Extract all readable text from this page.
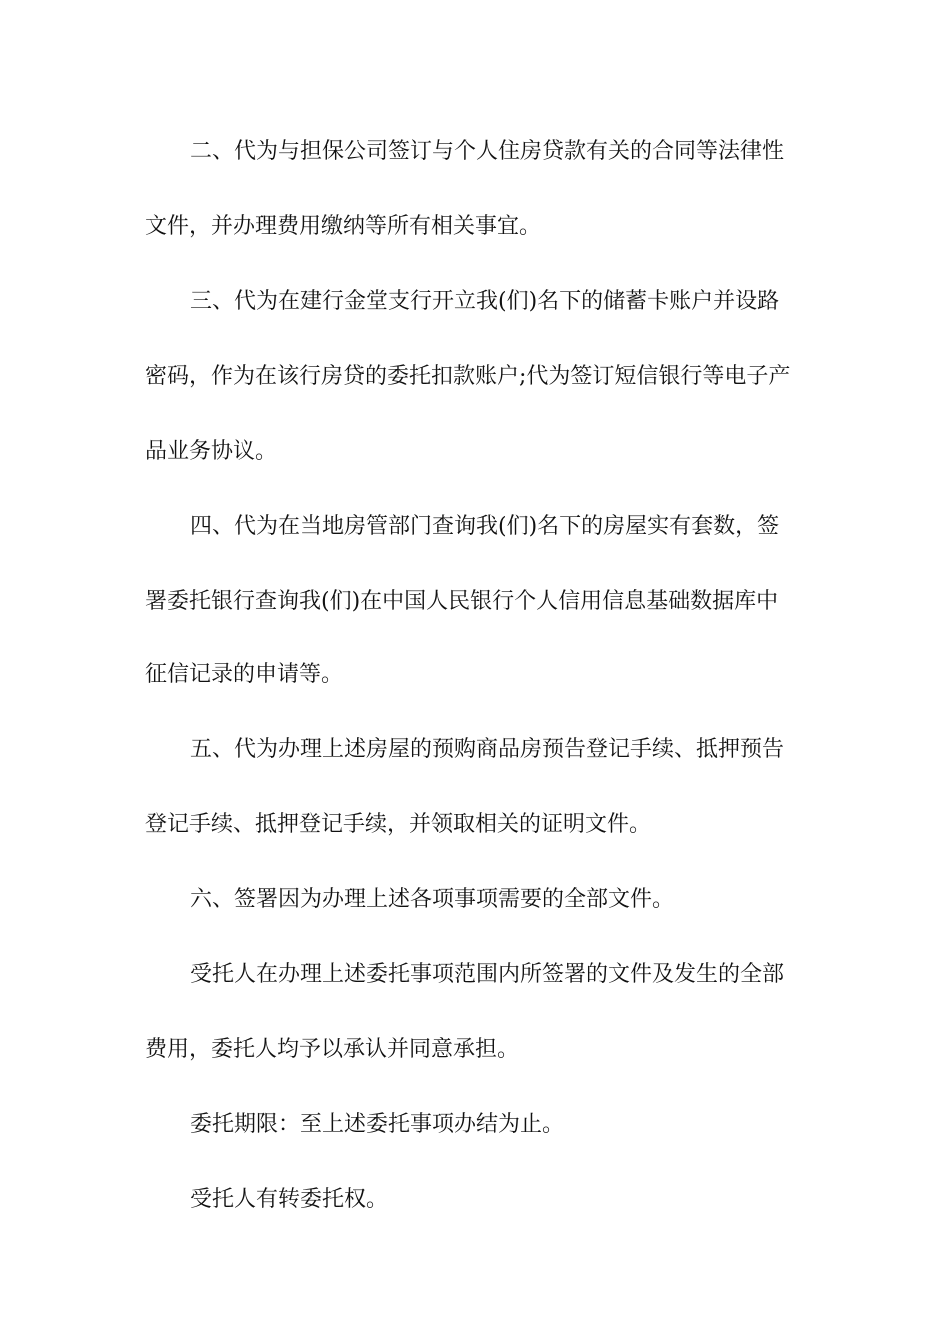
二、代为与担保公司签订与个人住房贷款有关的合同等法律性

文件，并办理费用缴纳等所有相关事宜。

三、代为在建行金堂支行开立我(们)名下的储蓄卡账户并设路

密码，作为在该行房贷的委托扣款账户;代为签订短信银行等电子产

品业务协议。

四、代为在当地房管部门查询我(们)名下的房屋实有套数，签

署委托银行查询我(们)在中国人民银行个人信用信息基础数据库中

征信记录的申请等。

五、代为办理上述房屋的预购商品房预告登记手续、抵押预告

登记手续、抵押登记手续，并领取相关的证明文件。

六、签署因为办理上述各项事项需要的全部文件。

受托人在办理上述委托事项范围内所签署的文件及发生的全部

费用，委托人均予以承认并同意承担。

委托期限：至上述委托事项办结为止。

受托人有转委托权。
